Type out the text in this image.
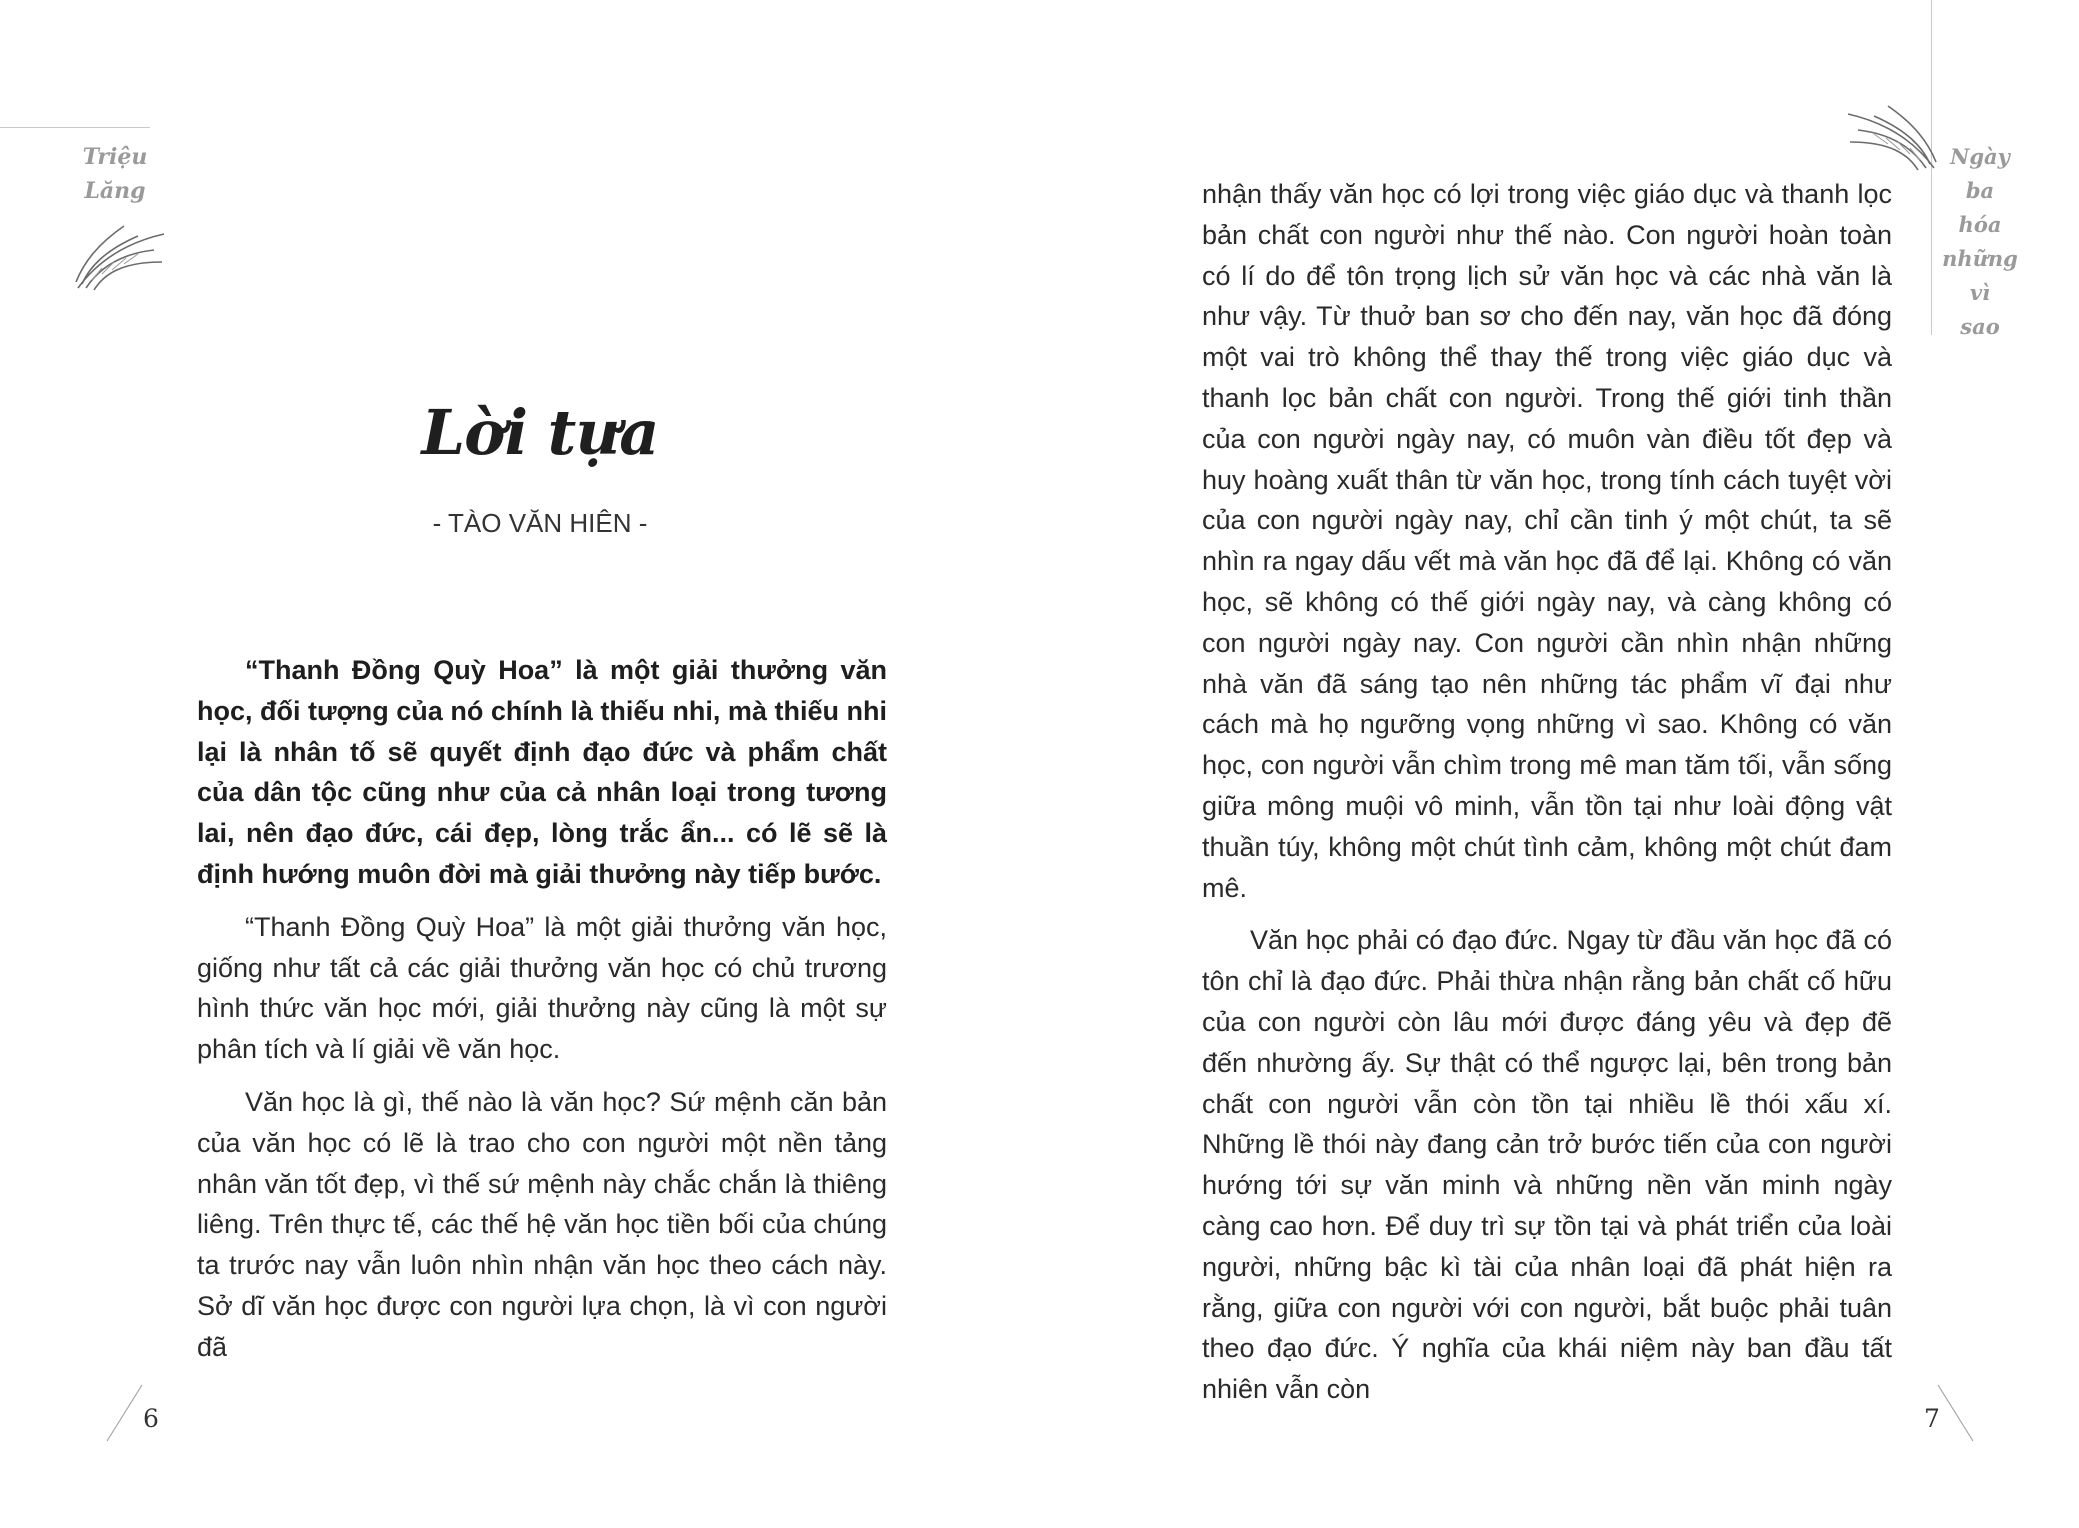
Triệu
Lăng
Ngày
ba
hóa
những
vì
sao
Lời tựa
- TÀO VĂN HIÊN -

“Thanh Đồng Quỳ Hoa” là một giải thưởng văn học, đối tượng của nó chính là thiếu nhi, mà thiếu nhi lại là nhân tố sẽ quyết định đạo đức và phẩm chất của dân tộc cũng như của cả nhân loại trong tương lai, nên đạo đức, cái đẹp, lòng trắc ẩn... có lẽ sẽ là định hướng muôn đời mà giải thưởng này tiếp bước.

“Thanh Đồng Quỳ Hoa” là một giải thưởng văn học, giống như tất cả các giải thưởng văn học có chủ trương hình thức văn học mới, giải thưởng này cũng là một sự phân tích và lí giải về văn học.

Văn học là gì, thế nào là văn học? Sứ mệnh căn bản của văn học có lẽ là trao cho con người một nền tảng nhân văn tốt đẹp, vì thế sứ mệnh này chắc chắn là thiêng liêng. Trên thực tế, các thế hệ văn học tiền bối của chúng ta trước nay vẫn luôn nhìn nhận văn học theo cách này. Sở dĩ văn học được con người lựa chọn, là vì con người đã

nhận thấy văn học có lợi trong việc giáo dục và thanh lọc bản chất con người như thế nào. Con người hoàn toàn có lí do để tôn trọng lịch sử văn học và các nhà văn là như vậy. Từ thuở ban sơ cho đến nay, văn học đã đóng một vai trò không thể thay thế trong việc giáo dục và thanh lọc bản chất con người. Trong thế giới tinh thần của con người ngày nay, có muôn vàn điều tốt đẹp và huy hoàng xuất thân từ văn học, trong tính cách tuyệt vời của con người ngày nay, chỉ cần tinh ý một chút, ta sẽ nhìn ra ngay dấu vết mà văn học đã để lại. Không có văn học, sẽ không có thế giới ngày nay, và càng không có con người ngày nay. Con người cần nhìn nhận những nhà văn đã sáng tạo nên những tác phẩm vĩ đại như cách mà họ ngưỡng vọng những vì sao. Không có văn học, con người vẫn chìm trong mê man tăm tối, vẫn sống giữa mông muội vô minh, vẫn tồn tại như loài động vật thuần túy, không một chút tình cảm, không một chút đam mê.

Văn học phải có đạo đức. Ngay từ đầu văn học đã có tôn chỉ là đạo đức. Phải thừa nhận rằng bản chất cố hữu của con người còn lâu mới được đáng yêu và đẹp đẽ đến nhường ấy. Sự thật có thể ngược lại, bên trong bản chất con người vẫn còn tồn tại nhiều lề thói xấu xí. Những lề thói này đang cản trở bước tiến của con người hướng tới sự văn minh và những nền văn minh ngày càng cao hơn. Để duy trì sự tồn tại và phát triển của loài người, những bậc kì tài của nhân loại đã phát hiện ra rằng, giữa con người với con người, bắt buộc phải tuân theo đạo đức. Ý nghĩa của khái niệm này ban đầu tất nhiên vẫn còn

6	7
